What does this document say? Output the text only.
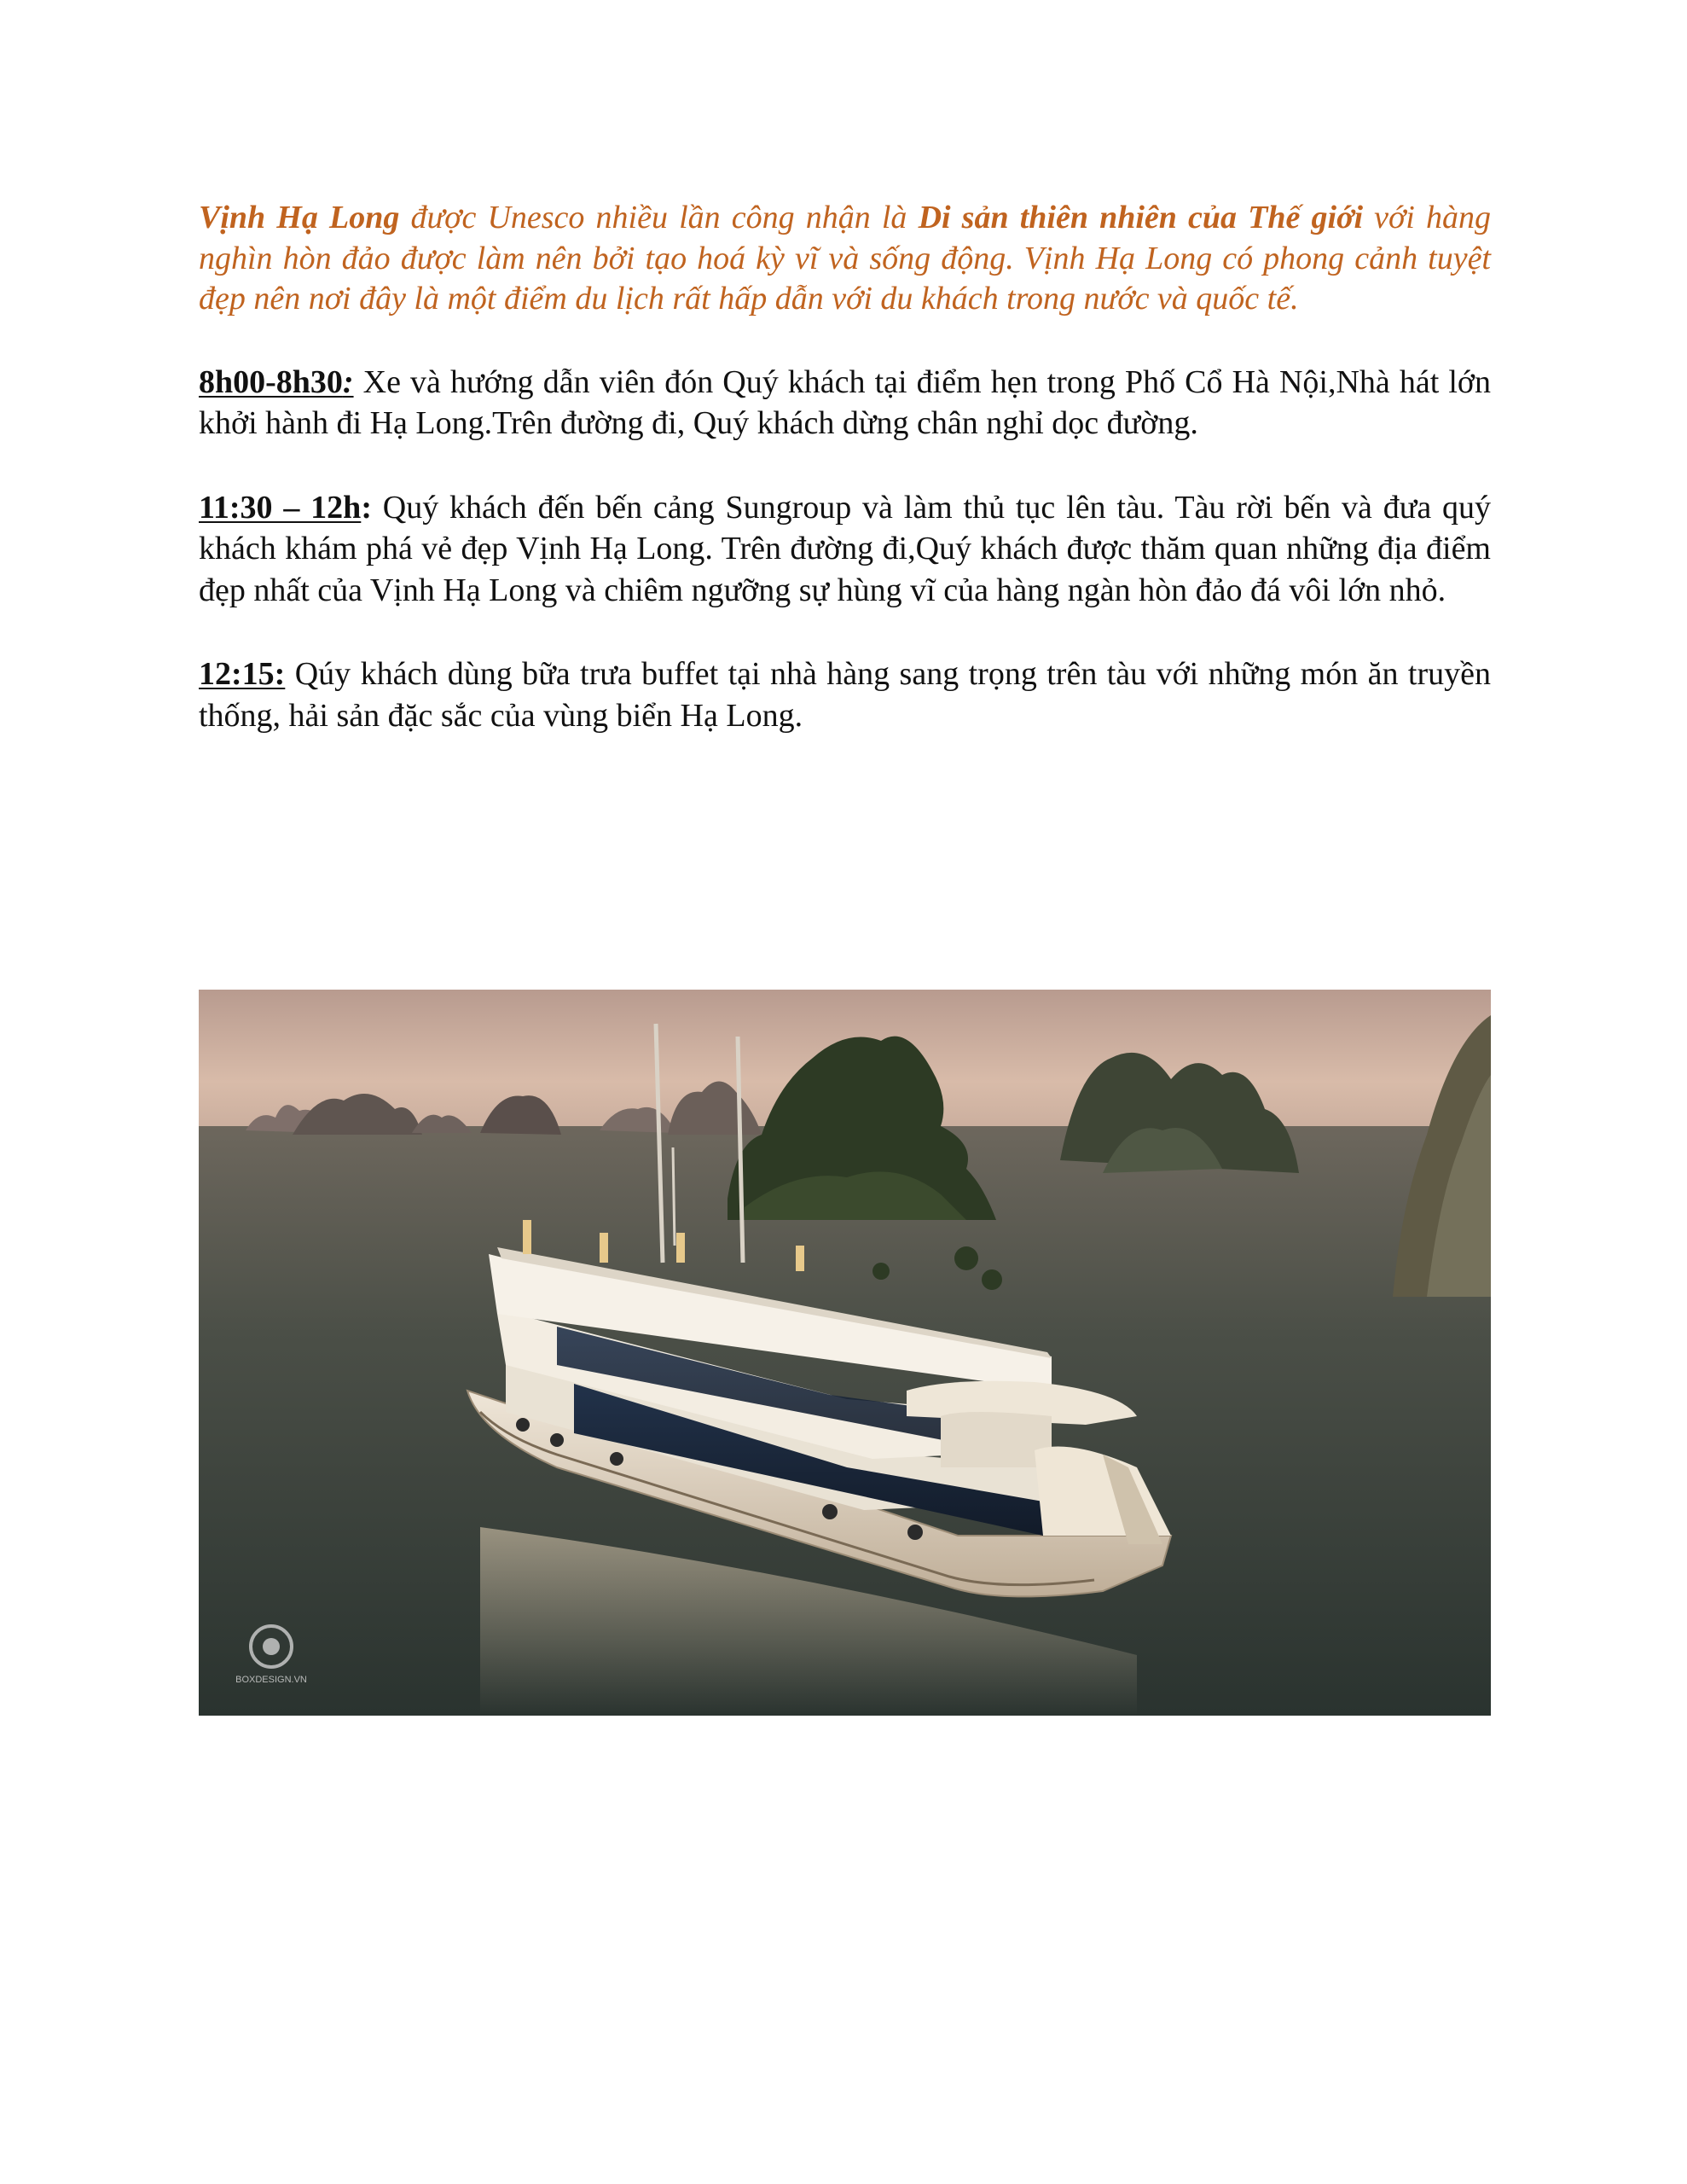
Vịnh Hạ Long được Unesco nhiều lần công nhận là Di sản thiên nhiên của Thế giới với hàng nghìn hòn đảo được làm nên bởi tạo hoá kỳ vĩ và sống động. Vịnh Hạ Long có phong cảnh tuyệt đẹp nên nơi đây là một điểm du lịch rất hấp dẫn với du khách trong nước và quốc tế.

8h00-8h30: Xe và hướng dẫn viên đón Quý khách tại điểm hẹn trong Phố Cổ Hà Nội,Nhà hát lớn khởi hành đi Hạ Long.Trên đường đi, Quý khách dừng chân nghỉ dọc đường.

11:30 – 12h: Quý khách đến bến cảng Sungroup và làm thủ tục lên tàu. Tàu rời bến và đưa quý khách khám phá vẻ đẹp Vịnh Hạ Long. Trên đường đi,Quý khách được thăm quan những địa điểm đẹp nhất của Vịnh Hạ Long và chiêm ngưỡng sự hùng vĩ của hàng ngàn hòn đảo đá vôi lớn nhỏ.

12:15: Qúy khách dùng bữa trưa buffet tại nhà hàng sang trọng trên tàu với những món ăn truyền thống, hải sản đặc sắc của vùng biển Hạ Long.

BOXDESIGN.VN
